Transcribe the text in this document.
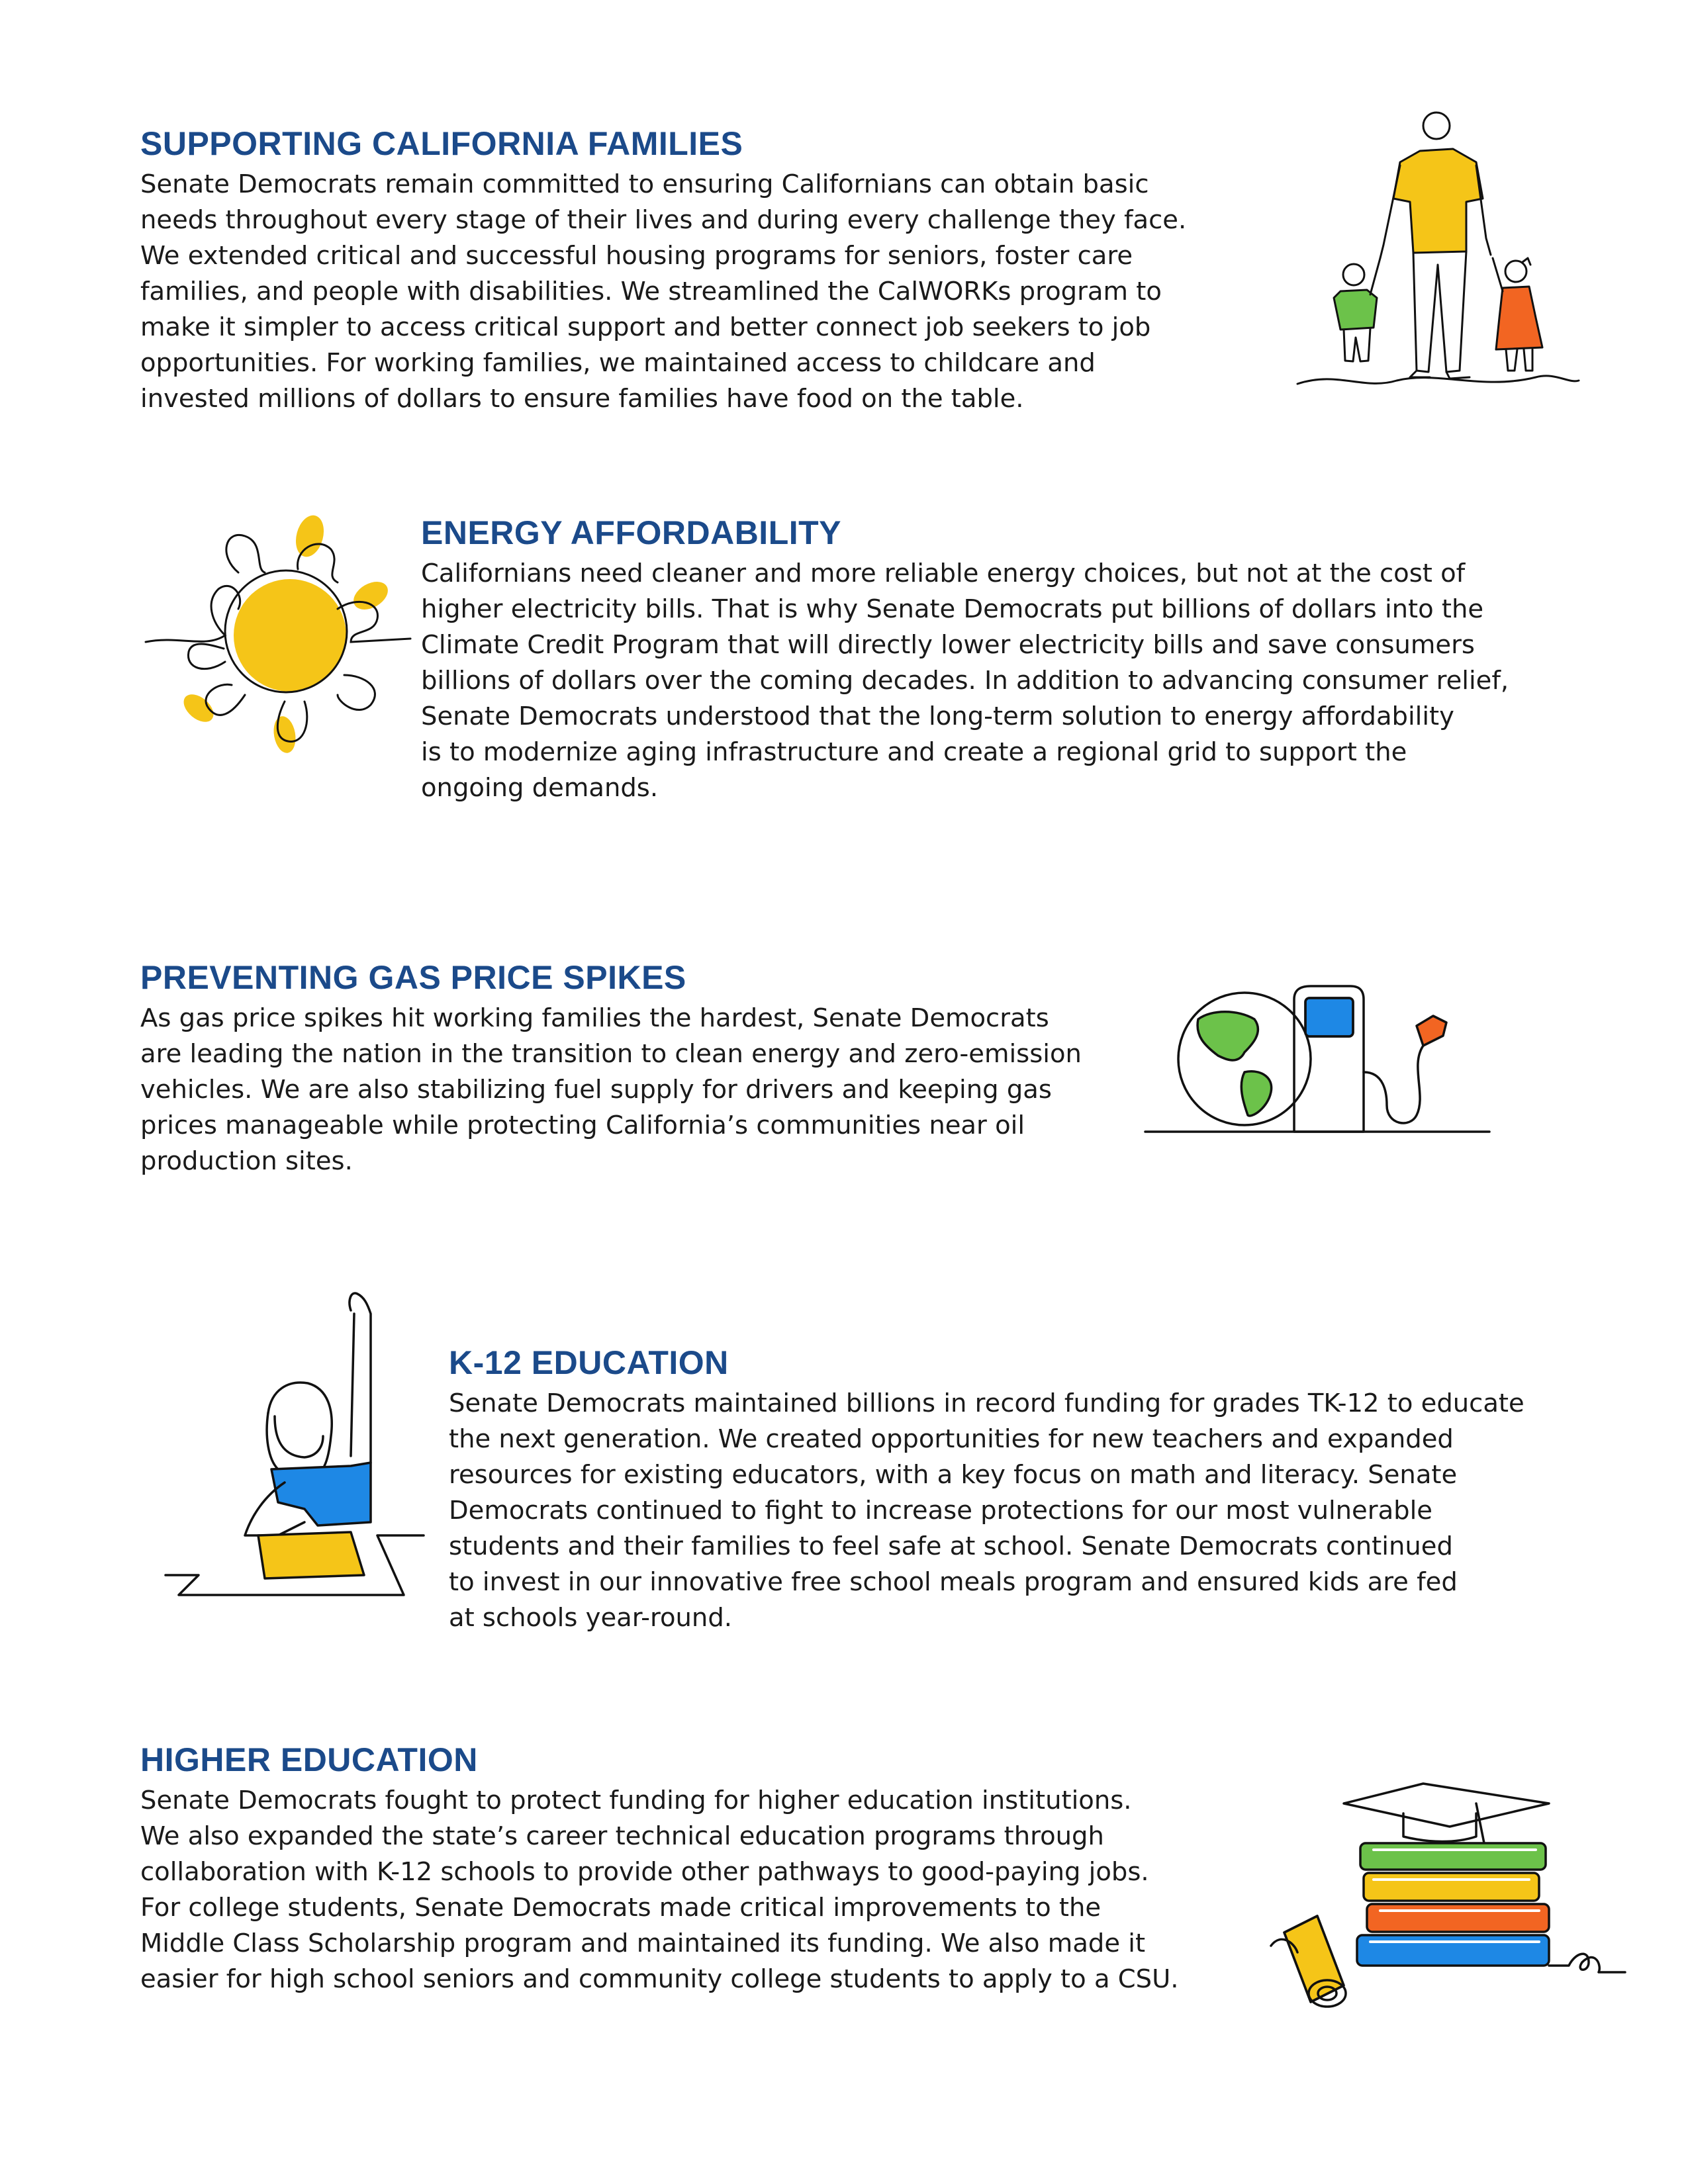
SUPPORTING CALIFORNIA FAMILIES

Senate Democrats remain committed to ensuring Californians can obtain basic
needs throughout every stage of their lives and during every challenge they face.
We extended critical and successful housing programs for seniors, foster care
families, and people with disabilities. We streamlined the CalWORKs program to
make it simpler to access critical support and better connect job seekers to job
opportunities. For working families, we maintained access to childcare and
invested millions of dollars to ensure families have food on the table.

ENERGY AFFORDABILITY

Californians need cleaner and more reliable energy choices, but not at the cost of
higher electricity bills. That is why Senate Democrats put billions of dollars into the
Climate Credit Program that will directly lower electricity bills and save consumers
billions of dollars over the coming decades. In addition to advancing consumer relief,
Senate Democrats understood that the long-term solution to energy affordability
is to modernize aging infrastructure and create a regional grid to support the
ongoing demands.

PREVENTING GAS PRICE SPIKES

As gas price spikes hit working families the hardest, Senate Democrats
are leading the nation in the transition to clean energy and zero-emission
vehicles. We are also stabilizing fuel supply for drivers and keeping gas
prices manageable while protecting California’s communities near oil
production sites.

K-12 EDUCATION

Senate Democrats maintained billions in record funding for grades TK-12 to educate
the next generation. We created opportunities for new teachers and expanded
resources for existing educators, with a key focus on math and literacy. Senate
Democrats continued to fight to increase protections for our most vulnerable
students and their families to feel safe at school. Senate Democrats continued
to invest in our innovative free school meals program and ensured kids are fed
at schools year-round.

HIGHER EDUCATION

Senate Democrats fought to protect funding for higher education institutions.
We also expanded the state’s career technical education programs through
collaboration with K-12 schools to provide other pathways to good-paying jobs.
For college students, Senate Democrats made critical improvements to the
Middle Class Scholarship program and maintained its funding. We also made it
easier for high school seniors and community college students to apply to a CSU.
